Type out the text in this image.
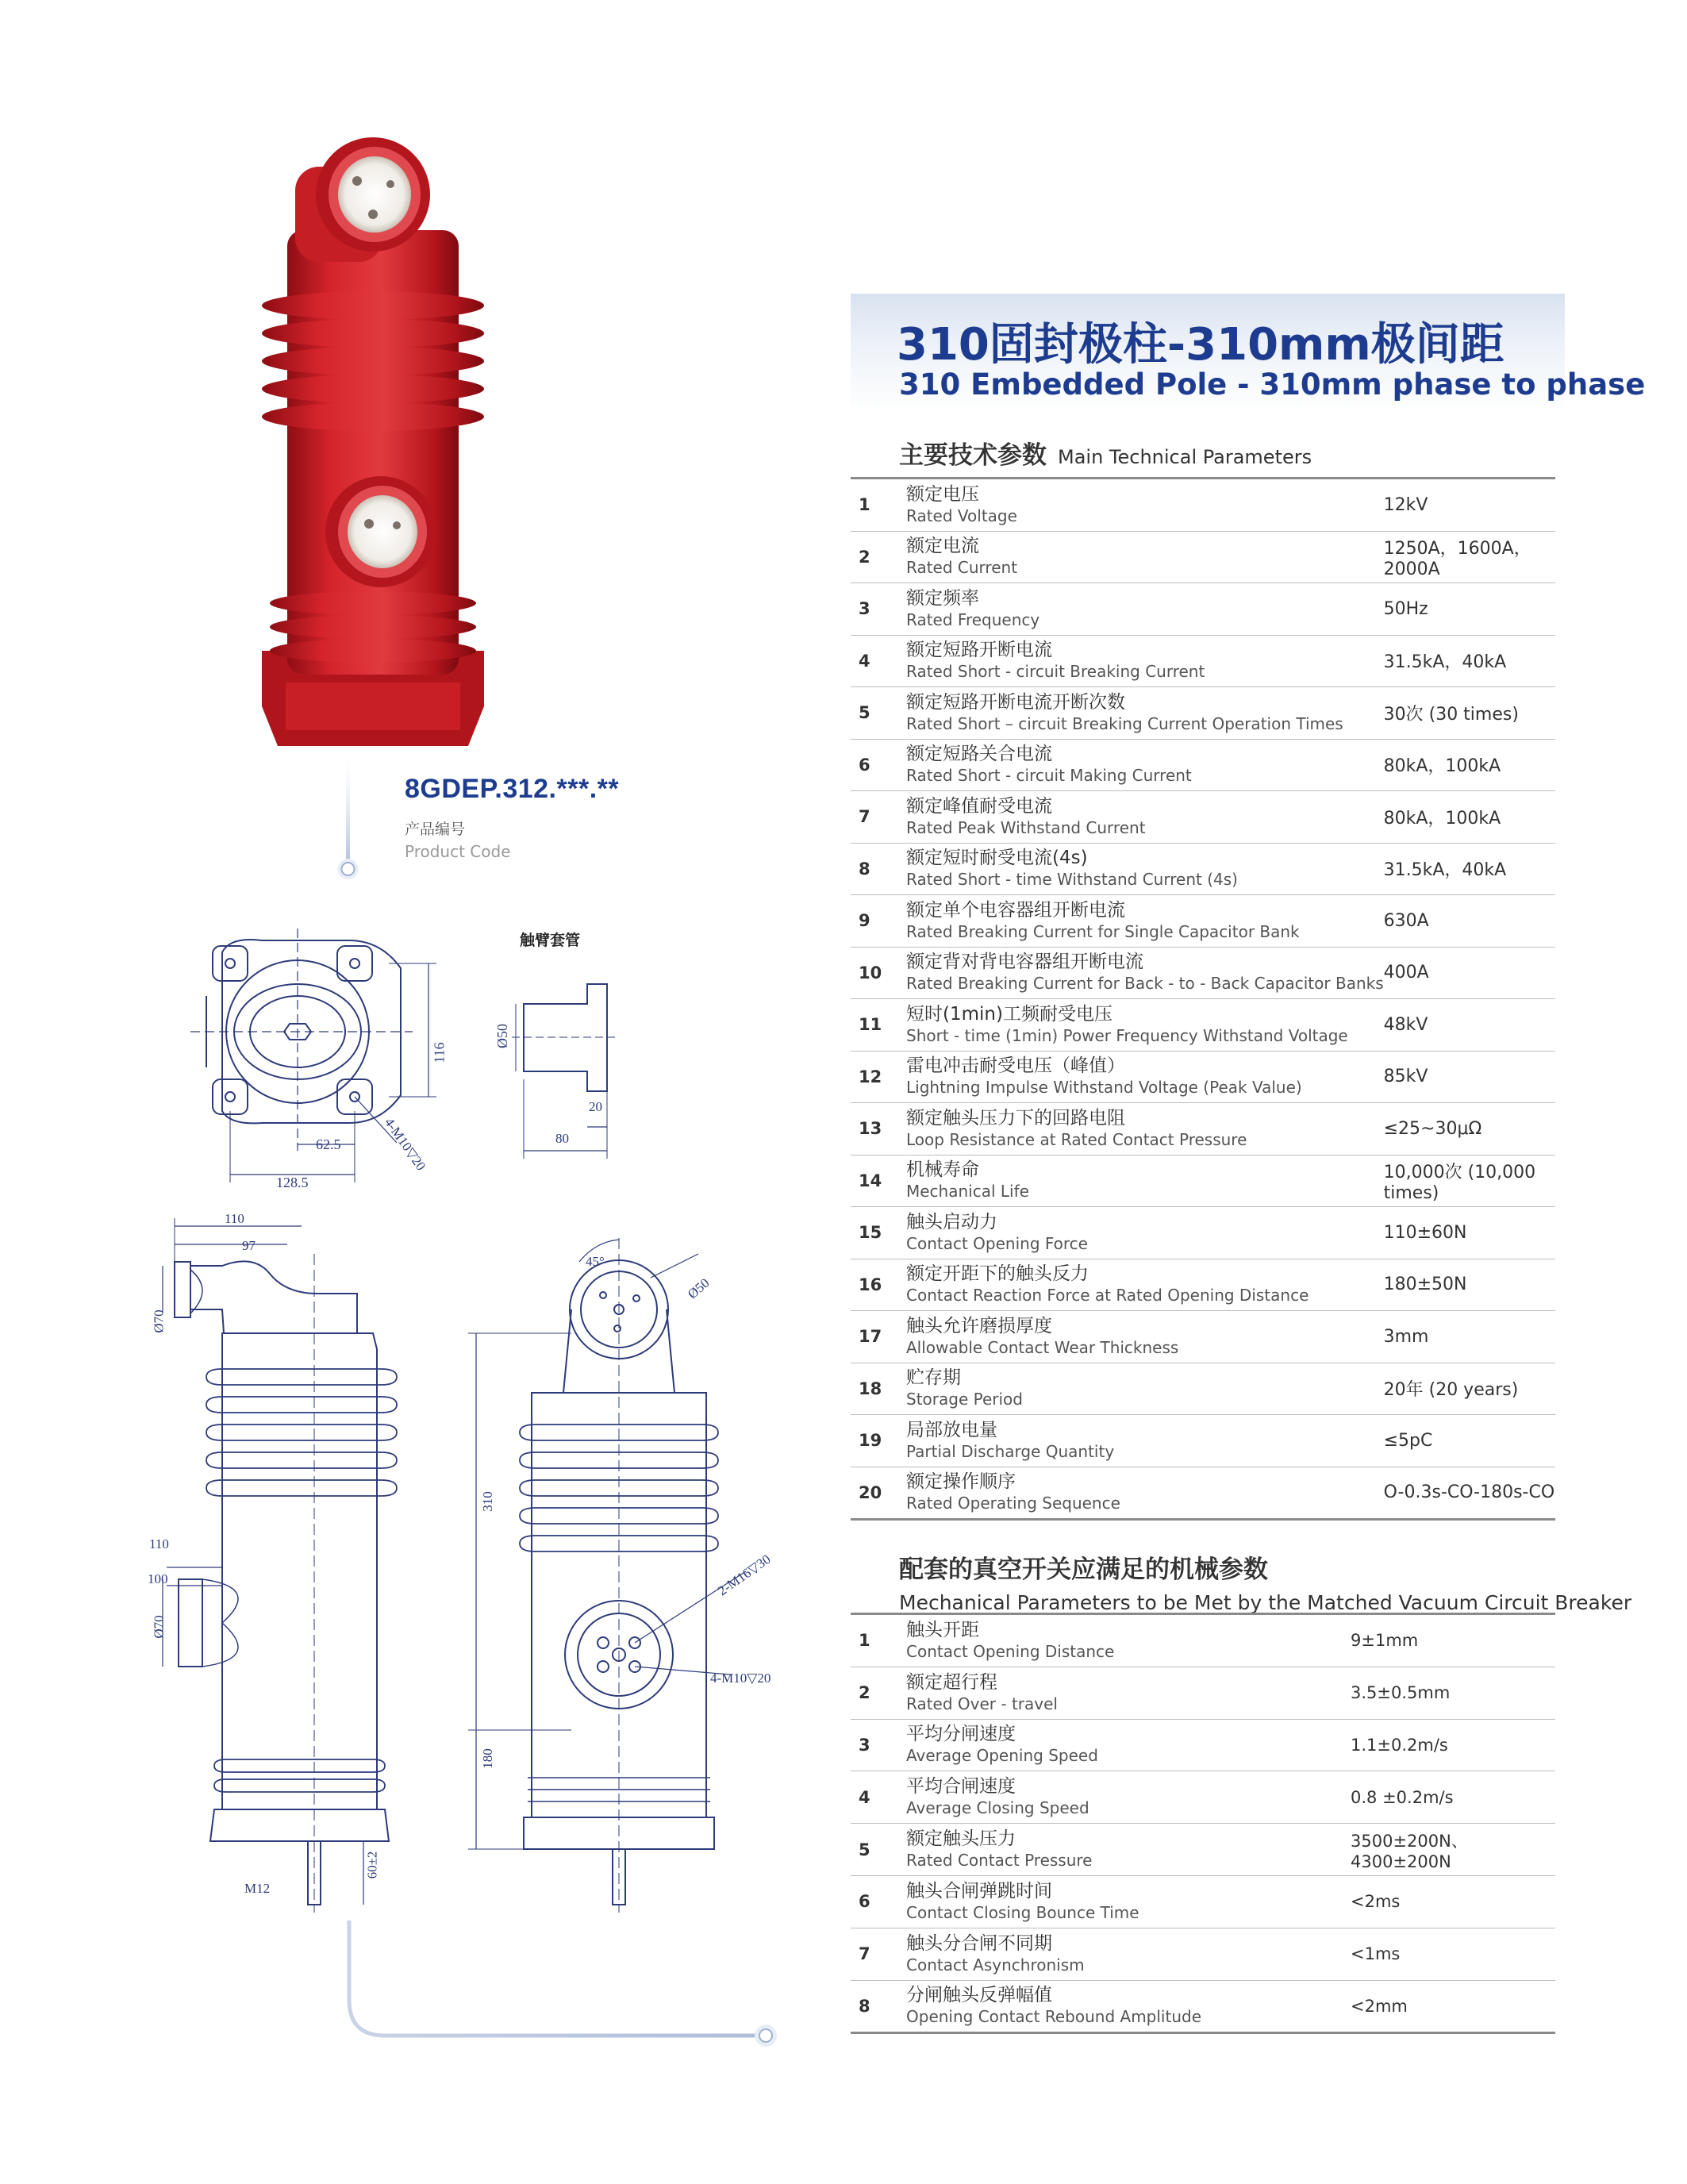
8GDEP.312.***.**
产品编号
Product Code
触臂套管
116
62.5
128.5
4-M10▽20
Ø50
20
80
110
97
Ø70
110
100
Ø70
60±2
M12
45°
Ø50
310
180
2-M16▽30
4-M10▽20
310固封极柱-310mm极间距
310 Embedded Pole - 310mm phase to phase
主要技术参数 Main Technical Parameters
1	额定电压
Rated Voltage	12kV
2	额定电流
Rated Current	1250A，1600A，2000A
3	额定频率
Rated Frequency	50Hz
4	额定短路开断电流
Rated Short - circuit Breaking Current	31.5kA，40kA
5	额定短路开断电流开断次数
Rated Short – circuit Breaking Current Operation Times	30次 (30 times)
6	额定短路关合电流
Rated Short - circuit Making Current	80kA，100kA
7	额定峰值耐受电流
Rated Peak Withstand Current	80kA，100kA
8	额定短时耐受电流(4s)
Rated Short - time Withstand Current (4s)	31.5kA，40kA
9	额定单个电容器组开断电流
Rated Breaking Current for Single Capacitor Bank	630A
10	额定背对背电容器组开断电流
Rated Breaking Current for Back - to - Back Capacitor Banks	400A
11	短时(1min)工频耐受电压
Short - time (1min) Power Frequency Withstand Voltage	48kV
12	雷电冲击耐受电压（峰值）
Lightning Impulse Withstand Voltage (Peak Value)	85kV
13	额定触头压力下的回路电阻
Loop Resistance at Rated Contact Pressure	≤25~30μΩ
14	机械寿命
Mechanical Life	10,000次 (10,000 times)
15	触头启动力
Contact Opening Force	110±60N
16	额定开距下的触头反力
Contact Reaction Force at Rated Opening Distance	180±50N
17	触头允许磨损厚度
Allowable Contact Wear Thickness	3mm
18	贮存期
Storage Period	20年 (20 years)
19	局部放电量
Partial Discharge Quantity	≤5pC
20	额定操作顺序
Rated Operating Sequence	O-0.3s-CO-180s-CO
配套的真空开关应满足的机械参数
Mechanical Parameters to be Met by the Matched Vacuum Circuit Breaker
1	触头开距
Contact Opening Distance	9±1mm
2	额定超行程
Rated Over - travel	3.5±0.5mm
3	平均分闸速度
Average Opening Speed	1.1±0.2m/s
4	平均合闸速度
Average Closing Speed	0.8 ±0.2m/s
5	额定触头压力
Rated Contact Pressure	3500±200N、4300±200N
6	触头合闸弹跳时间
Contact Closing Bounce Time	<2ms
7	触头分合闸不同期
Contact Asynchronism	<1ms
8	分闸触头反弹幅值
Opening Contact Rebound Amplitude	<2mm
